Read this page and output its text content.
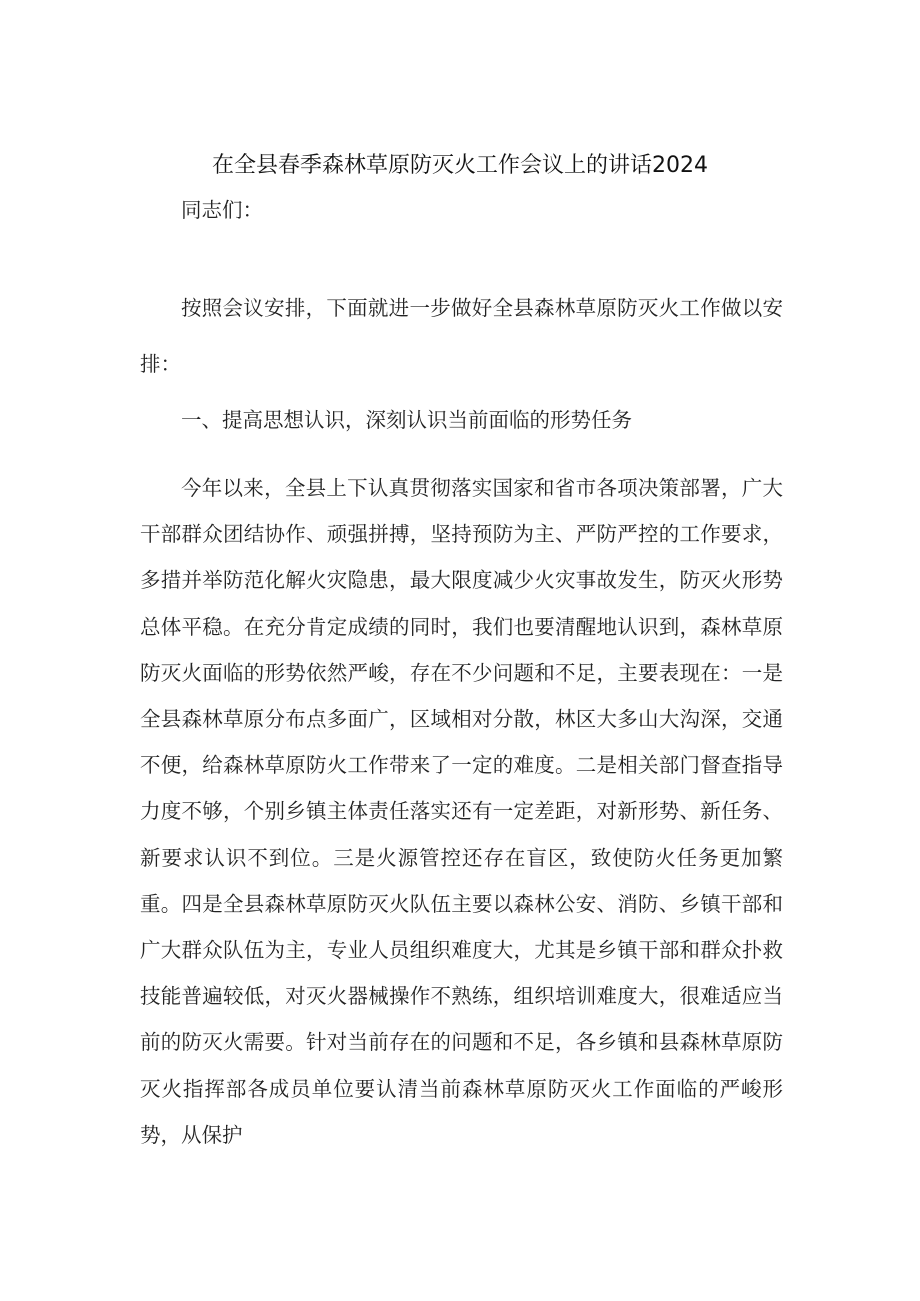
在全县春季森林草原防灭火工作会议上的讲话2024

同志们：

按照会议安排，下面就进一步做好全县森林草原防灭火工作做以安排：

一、提高思想认识，深刻认识当前面临的形势任务

今年以来，全县上下认真贯彻落实国家和省市各项决策部署，广大干部群众团结协作、顽强拼搏，坚持预防为主、严防严控的工作要求，多措并举防范化解火灾隐患，最大限度减少火灾事故发生，防灭火形势总体平稳。在充分肯定成绩的同时，我们也要清醒地认识到，森林草原防灭火面临的形势依然严峻，存在不少问题和不足，主要表现在：一是全县森林草原分布点多面广，区域相对分散，林区大多山大沟深，交通不便，给森林草原防火工作带来了一定的难度。二是相关部门督查指导力度不够，个别乡镇主体责任落实还有一定差距，对新形势、新任务、新要求认识不到位。三是火源管控还存在盲区，致使防火任务更加繁重。四是全县森林草原防灭火队伍主要以森林公安、消防、乡镇干部和广大群众队伍为主，专业人员组织难度大，尤其是乡镇干部和群众扑救技能普遍较低，对灭火器械操作不熟练，组织培训难度大，很难适应当前的防灭火需要。针对当前存在的问题和不足，各乡镇和县森林草原防灭火指挥部各成员单位要认清当前森林草原防灭火工作面临的严峻形势，从保护
